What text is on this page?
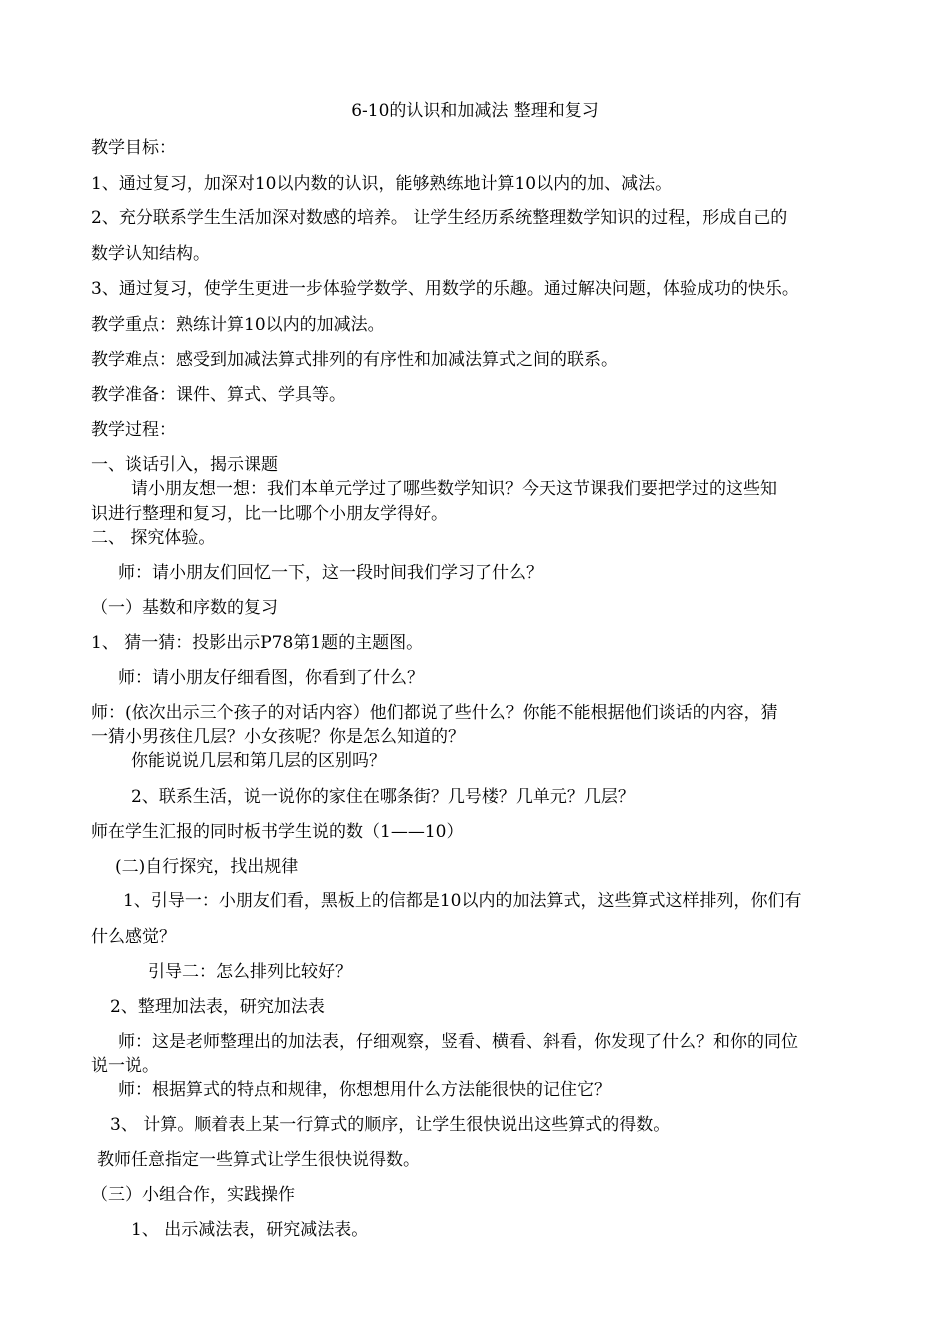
6-10的认识和加减法 整理和复习
教学目标：
1、通过复习，加深对10以内数的认识，能够熟练地计算10以内的加、减法。
2、充分联系学生生活加深对数感的培养。 让学生经历系统整理数学知识的过程，形成自己的
数学认知结构。
3、通过复习，使学生更进一步体验学数学、用数学的乐趣。通过解决问题，体验成功的快乐。
教学重点：熟练计算10以内的加减法。
教学难点：感受到加减法算式排列的有序性和加减法算式之间的联系。
教学准备：课件、算式、学具等。
教学过程：
一、谈话引入，揭示课题
请小朋友想一想：我们本单元学过了哪些数学知识？今天这节课我们要把学过的这些知
识进行整理和复习，比一比哪个小朋友学得好。
二、 探究体验。
师：请小朋友们回忆一下，这一段时间我们学习了什么？
（一）基数和序数的复习
1、 猜一猜：投影出示P78第1题的主题图。
师：请小朋友仔细看图，你看到了什么？
师：(依次出示三个孩子的对话内容）他们都说了些什么？你能不能根据他们谈话的内容，猜
一猜小男孩住几层？小女孩呢？你是怎么知道的？
你能说说几层和第几层的区别吗？
2、联系生活，说一说你的家住在哪条街？几号楼？几单元？几层？
师在学生汇报的同时板书学生说的数（1——10）
(二)自行探究，找出规律
1、引导一：小朋友们看，黑板上的信都是10以内的加法算式，这些算式这样排列，你们有
什么感觉？
引导二：怎么排列比较好？
2、整理加法表，研究加法表
师：这是老师整理出的加法表，仔细观察，竖看、横看、斜看，你发现了什么？和你的同位
说一说。
师：根据算式的特点和规律，你想想用什么方法能很快的记住它？
3、 计算。顺着表上某一行算式的顺序，让学生很快说出这些算式的得数。
教师任意指定一些算式让学生很快说得数。
（三）小组合作，实践操作
1、 出示减法表，研究减法表。
